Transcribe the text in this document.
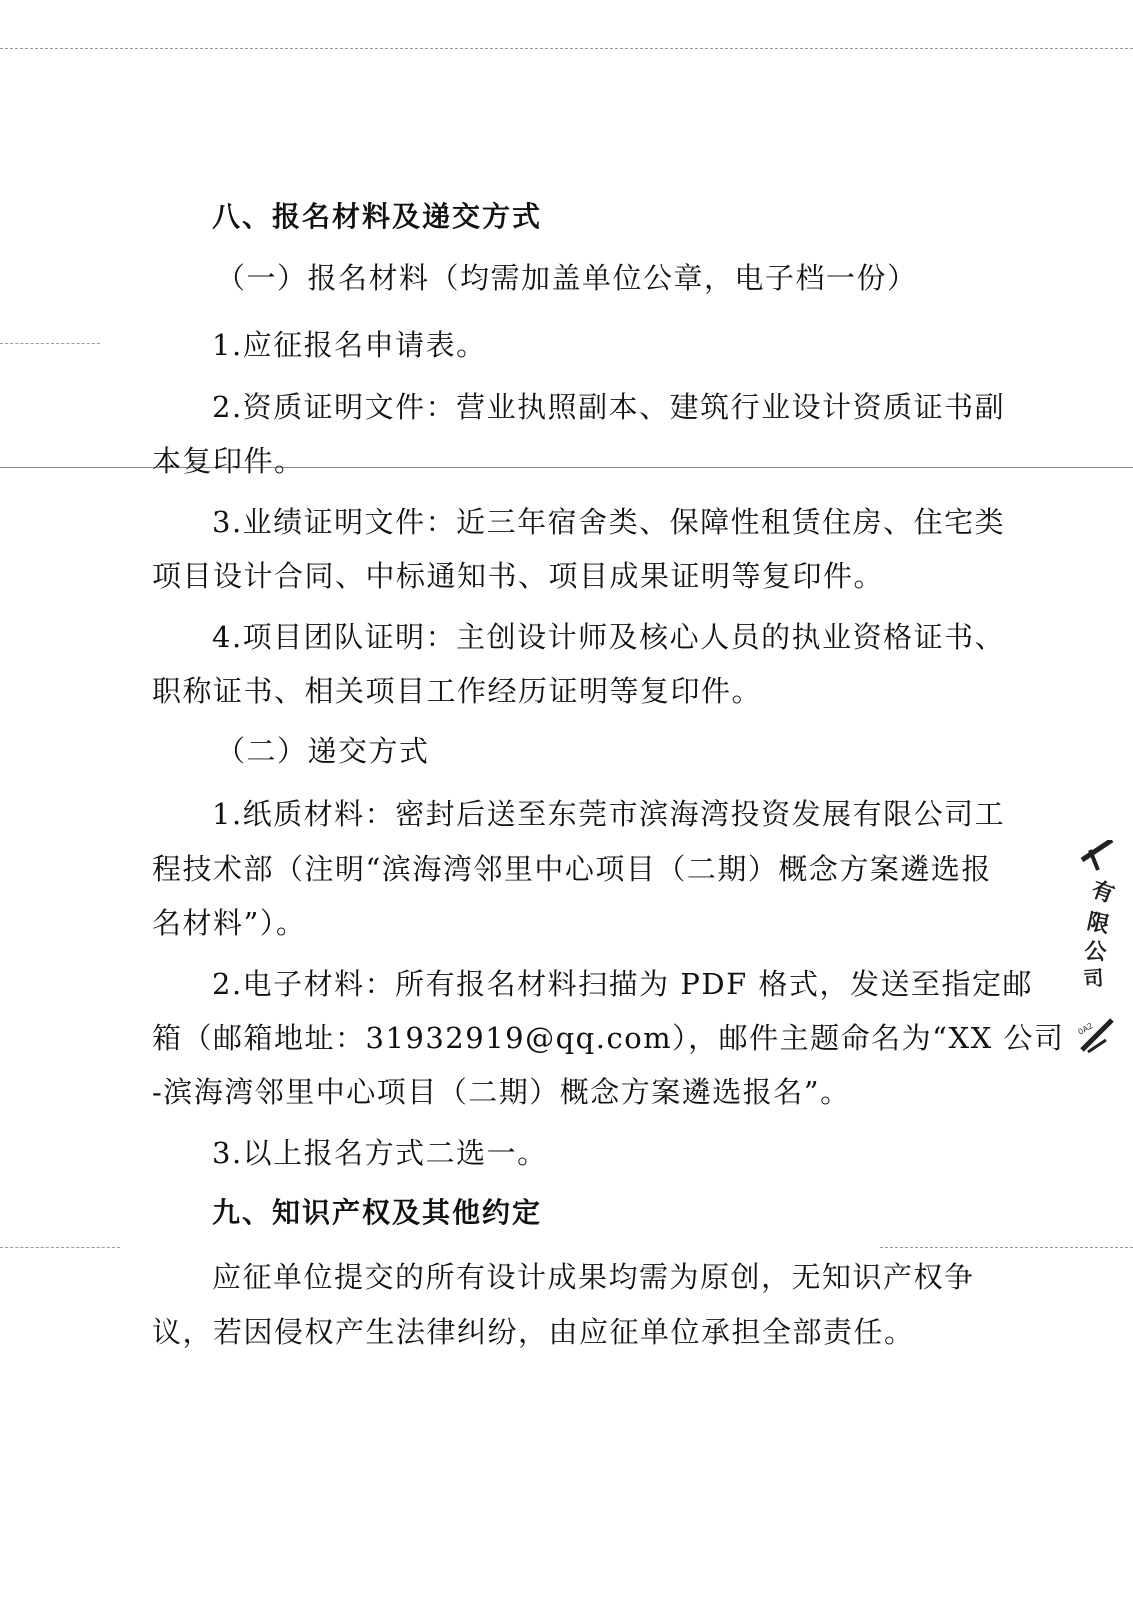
八、报名材料及递交方式
（一）报名材料（均需加盖单位公章，电子档一份）
1.应征报名申请表。
2.资质证明文件：营业执照副本、建筑行业设计资质证书副
本复印件。
3.业绩证明文件：近三年宿舍类、保障性租赁住房、住宅类
项目设计合同、中标通知书、项目成果证明等复印件。
4.项目团队证明：主创设计师及核心人员的执业资格证书、
职称证书、相关项目工作经历证明等复印件。
（二）递交方式
1.纸质材料：密封后送至东莞市滨海湾投资发展有限公司工
程技术部（注明“滨海湾邻里中心项目（二期）概念方案遴选报
名材料”）。
2.电子材料：所有报名材料扫描为 PDF 格式，发送至指定邮
箱（邮箱地址：31932919@qq.com），邮件主题命名为“XX 公司
-滨海湾邻里中心项目（二期）概念方案遴选报名”。
3.以上报名方式二选一。
九、知识产权及其他约定
应征单位提交的所有设计成果均需为原创，无知识产权争
议，若因侵权产生法律纠纷，由应征单位承担全部责任。
有
限
公
司
0A2
